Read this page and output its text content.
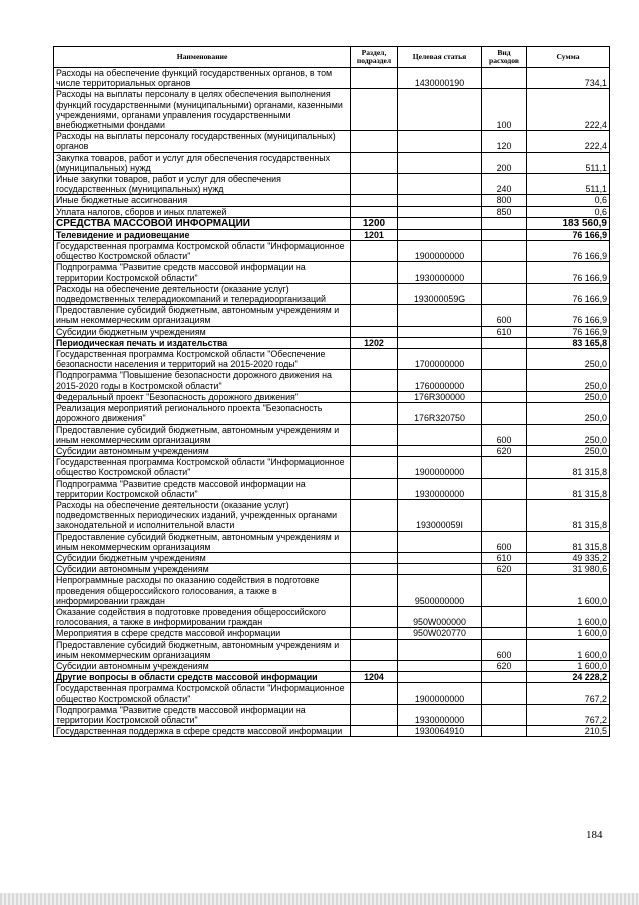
Наименование	Раздел, подраздел	Целевая статья	Вид расходов	Сумма
Расходы на обеспечение функций государственных органов, в том числе территориальных органов		1430000190		734,1
Расходы на выплаты персоналу в целях обеспечения выполнения функций государственными (муниципальными) органами, казенными учреждениями, органами управления государственными внебюджетными фондами			100	222,4
Расходы на выплаты персоналу государственных (муниципальных) органов			120	222,4
Закупка товаров, работ и услуг для обеспечения государственных (муниципальных) нужд			200	511,1
Иные закупки товаров, работ и услуг для обеспечения государственных (муниципальных) нужд			240	511,1
Иные бюджетные ассигнования			800	0,6
Уплата налогов, сборов и иных платежей			850	0,6
СРЕДСТВА МАССОВОЙ ИНФОРМАЦИИ	1200			183 560,9
Телевидение и радиовещание	1201			76 166,9
Государственная программа Костромской области "Информационное общество Костромской области"		1900000000		76 166,9
Подпрограмма "Развитие средств массовой информации на территории Костромской области"		1930000000		76 166,9
Расходы на обеспечение деятельности (оказание услуг) подведомственных телерадиокомпаний и телерадиоорганизаций		193000059G		76 166,9
Предоставление субсидий бюджетным, автономным учреждениям и иным некоммерческим организациям			600	76 166,9
Субсидии бюджетным учреждениям			610	76 166,9
Периодическая печать и издательства	1202			83 165,8
Государственная программа Костромской области "Обеспечение безопасности населения и территорий на 2015-2020 годы"		1700000000		250,0
Подпрограмма "Повышение безопасности дорожного движения на 2015-2020 годы в Костромской области"		1760000000		250,0
Федеральный проект "Безопасность дорожного движения"		176R300000		250,0
Реализация мероприятий регионального проекта "Безопасность дорожного движения"		176R320750		250,0
Предоставление субсидий бюджетным, автономным учреждениям и иным некоммерческим организациям			600	250,0
Субсидии автономным учреждениям			620	250,0
Государственная программа Костромской области "Информационное общество Костромской области"		1900000000		81 315,8
Подпрограмма "Развитие средств массовой информации на территории Костромской области"		1930000000		81 315,8
Расходы на обеспечение деятельности (оказание услуг) подведомственных периодических изданий, учрежденных органами законодательной и исполнительной власти		193000059I		81 315,8
Предоставление субсидий бюджетным, автономным учреждениям и иным некоммерческим организациям			600	81 315,8
Субсидии бюджетным учреждениям			610	49 335,2
Субсидии автономным учреждениям			620	31 980,6
Непрограммные расходы по оказанию содействия в подготовке проведения общероссийского голосования, а также в информировании граждан		9500000000		1 600,0
Оказание содействия в подготовке проведения общероссийского голосования, а также в информировании граждан		950W000000		1 600,0
Мероприятия в сфере средств массовой информации		950W020770		1 600,0
Предоставление субсидий бюджетным, автономным учреждениям и иным некоммерческим организациям			600	1 600,0
Субсидии автономным учреждениям			620	1 600,0
Другие вопросы в области средств массовой информации	1204			24 228,2
Государственная программа Костромской области "Информационное общество Костромской области"		1900000000		767,2
Подпрограмма "Развитие средств массовой информации на территории Костромской области"		1930000000		767,2
Государственная поддержка в сфере средств массовой информации		1930064910		210,5
184
